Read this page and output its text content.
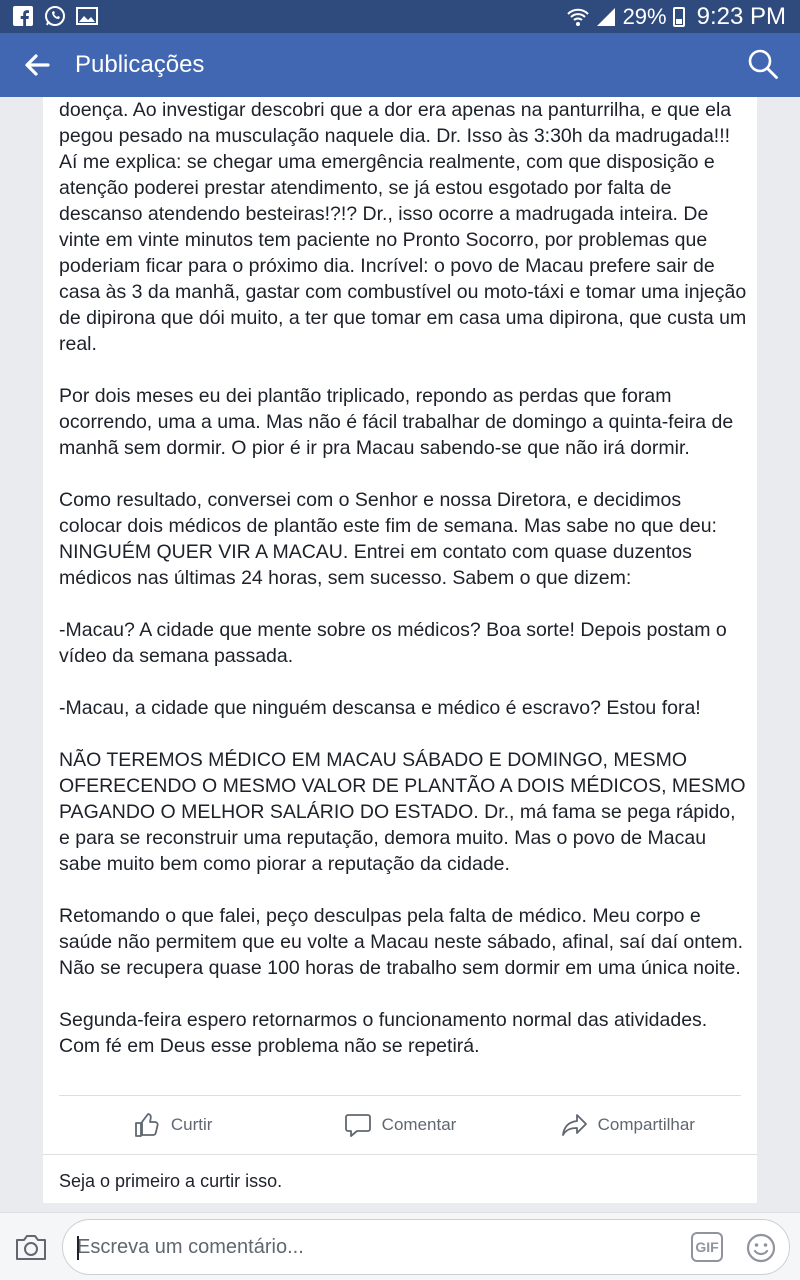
29% 9:23 PM
Publicações

doença. Ao investigar descobri que a dor era apenas na panturrilha, e que ela pegou pesado na musculação naquele dia. Dr. Isso às 3:30h da madrugada!!! Aí me explica: se chegar uma emergência realmente, com que disposição e atenção poderei prestar atendimento, se já estou esgotado por falta de descanso atendendo besteiras!?!? Dr., isso ocorre a madrugada inteira. De vinte em vinte minutos tem paciente no Pronto Socorro, por problemas que poderiam ficar para o próximo dia. Incrível: o povo de Macau prefere sair de casa às 3 da manhã, gastar com combustível ou moto-táxi e tomar uma injeção de dipirona que dói muito, a ter que tomar em casa uma dipirona, que custa um real.

Por dois meses eu dei plantão triplicado, repondo as perdas que foram ocorrendo, uma a uma. Mas não é fácil trabalhar de domingo a quinta-feira de manhã sem dormir. O pior é ir pra Macau sabendo-se que não irá dormir.

Como resultado, conversei com o Senhor e nossa Diretora, e decidimos colocar dois médicos de plantão este fim de semana. Mas sabe no que deu: NINGUÉM QUER VIR A MACAU. Entrei em contato com quase duzentos médicos nas últimas 24 horas, sem sucesso. Sabem o que dizem:

-Macau? A cidade que mente sobre os médicos? Boa sorte! Depois postam o vídeo da semana passada.

-Macau, a cidade que ninguém descansa e médico é escravo? Estou fora!

NÃO TEREMOS MÉDICO EM MACAU SÁBADO E DOMINGO, MESMO OFERECENDO O MESMO VALOR DE PLANTÃO A DOIS MÉDICOS, MESMO PAGANDO O MELHOR SALÁRIO DO ESTADO. Dr., má fama se pega rápido, e para se reconstruir uma reputação, demora muito. Mas o povo de Macau sabe muito bem como piorar a reputação da cidade.

Retomando o que falei, peço desculpas pela falta de médico. Meu corpo e saúde não permitem que eu volte a Macau neste sábado, afinal, saí daí ontem. Não se recupera quase 100 horas de trabalho sem dormir em uma única noite.

Segunda-feira espero retornarmos o funcionamento normal das atividades. Com fé em Deus esse problema não se repetirá.

Curtir	Comentar	Compartilhar
Seja o primeiro a curtir isso.
Escreva um comentário...
GIF
